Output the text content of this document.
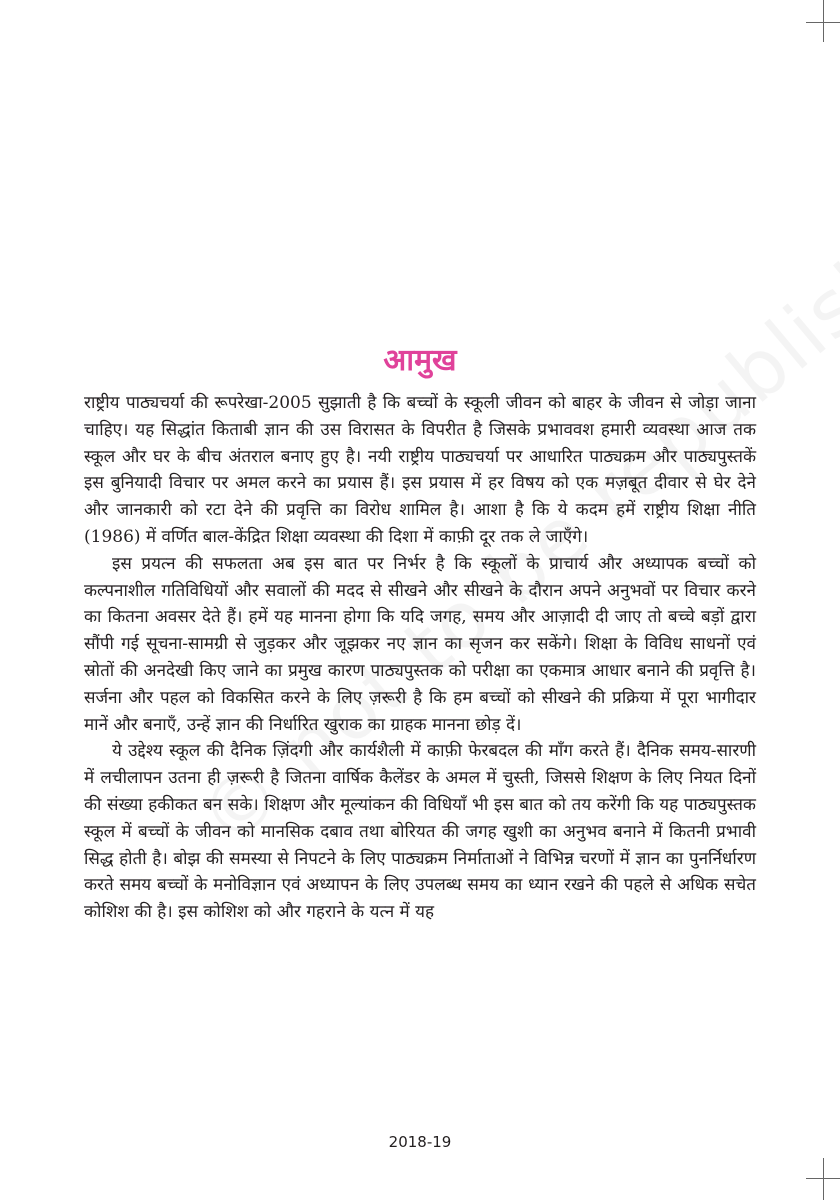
आमुख

राष्ट्रीय पाठ्यचर्या की रूपरेखा-2005 सुझाती है कि बच्चों के स्कूली जीवन को बाहर के जीवन से जोड़ा जाना चाहिए। यह सिद्धांत किताबी ज्ञान की उस विरासत के विपरीत है जिसके प्रभाववश हमारी व्यवस्था आज तक स्कूल और घर के बीच अंतराल बनाए हुए है। नयी राष्ट्रीय पाठ्यचर्या पर आधारित पाठ्यक्रम और पाठ्यपुस्तकें इस बुनियादी विचार पर अमल करने का प्रयास हैं। इस प्रयास में हर विषय को एक मज़बूत दीवार से घेर देने और जानकारी को रटा देने की प्रवृत्ति का विरोध शामिल है। आशा है कि ये कदम हमें राष्ट्रीय शिक्षा नीति (1986) में वर्णित बाल-केंद्रित शिक्षा व्यवस्था की दिशा में काफ़ी दूर तक ले जाएँगे।

इस प्रयत्न की सफलता अब इस बात पर निर्भर है कि स्कूलों के प्राचार्य और अध्यापक बच्चों को कल्पनाशील गतिविधियों और सवालों की मदद से सीखने और सीखने के दौरान अपने अनुभवों पर विचार करने का कितना अवसर देते हैं। हमें यह मानना होगा कि यदि जगह, समय और आज़ादी दी जाए तो बच्चे बड़ों द्वारा सौंपी गई सूचना-सामग्री से जुड़कर और जूझकर नए ज्ञान का सृजन कर सकेंगे। शिक्षा के विविध साधनों एवं स्रोतों की अनदेखी किए जाने का प्रमुख कारण पाठ्यपुस्तक को परीक्षा का एकमात्र आधार बनाने की प्रवृत्ति है। सर्जना और पहल को विकसित करने के लिए ज़रूरी है कि हम बच्चों को सीखने की प्रक्रिया में पूरा भागीदार मानें और बनाएँ, उन्हें ज्ञान की निर्धारित खुराक का ग्राहक मानना छोड़ दें।

ये उद्देश्य स्कूल की दैनिक ज़िंदगी और कार्यशैली में काफ़ी फेरबदल की माँग करते हैं। दैनिक समय-सारणी में लचीलापन उतना ही ज़रूरी है जितना वार्षिक कैलेंडर के अमल में चुस्ती, जिससे शिक्षण के लिए नियत दिनों की संख्या हकीकत बन सके। शिक्षण और मूल्यांकन की विधियाँ भी इस बात को तय करेंगी कि यह पाठ्यपुस्तक स्कूल में बच्चों के जीवन को मानसिक दबाव तथा बोरियत की जगह खुशी का अनुभव बनाने में कितनी प्रभावी सिद्ध होती है। बोझ की समस्या से निपटने के लिए पाठ्यक्रम निर्माताओं ने विभिन्न चरणों में ज्ञान का पुनर्निर्धारण करते समय बच्चों के मनोविज्ञान एवं अध्यापन के लिए उपलब्ध समय का ध्यान रखने की पहले से अधिक सचेत कोशिश की है। इस कोशिश को और गहराने के यत्न में यह

2018-19
